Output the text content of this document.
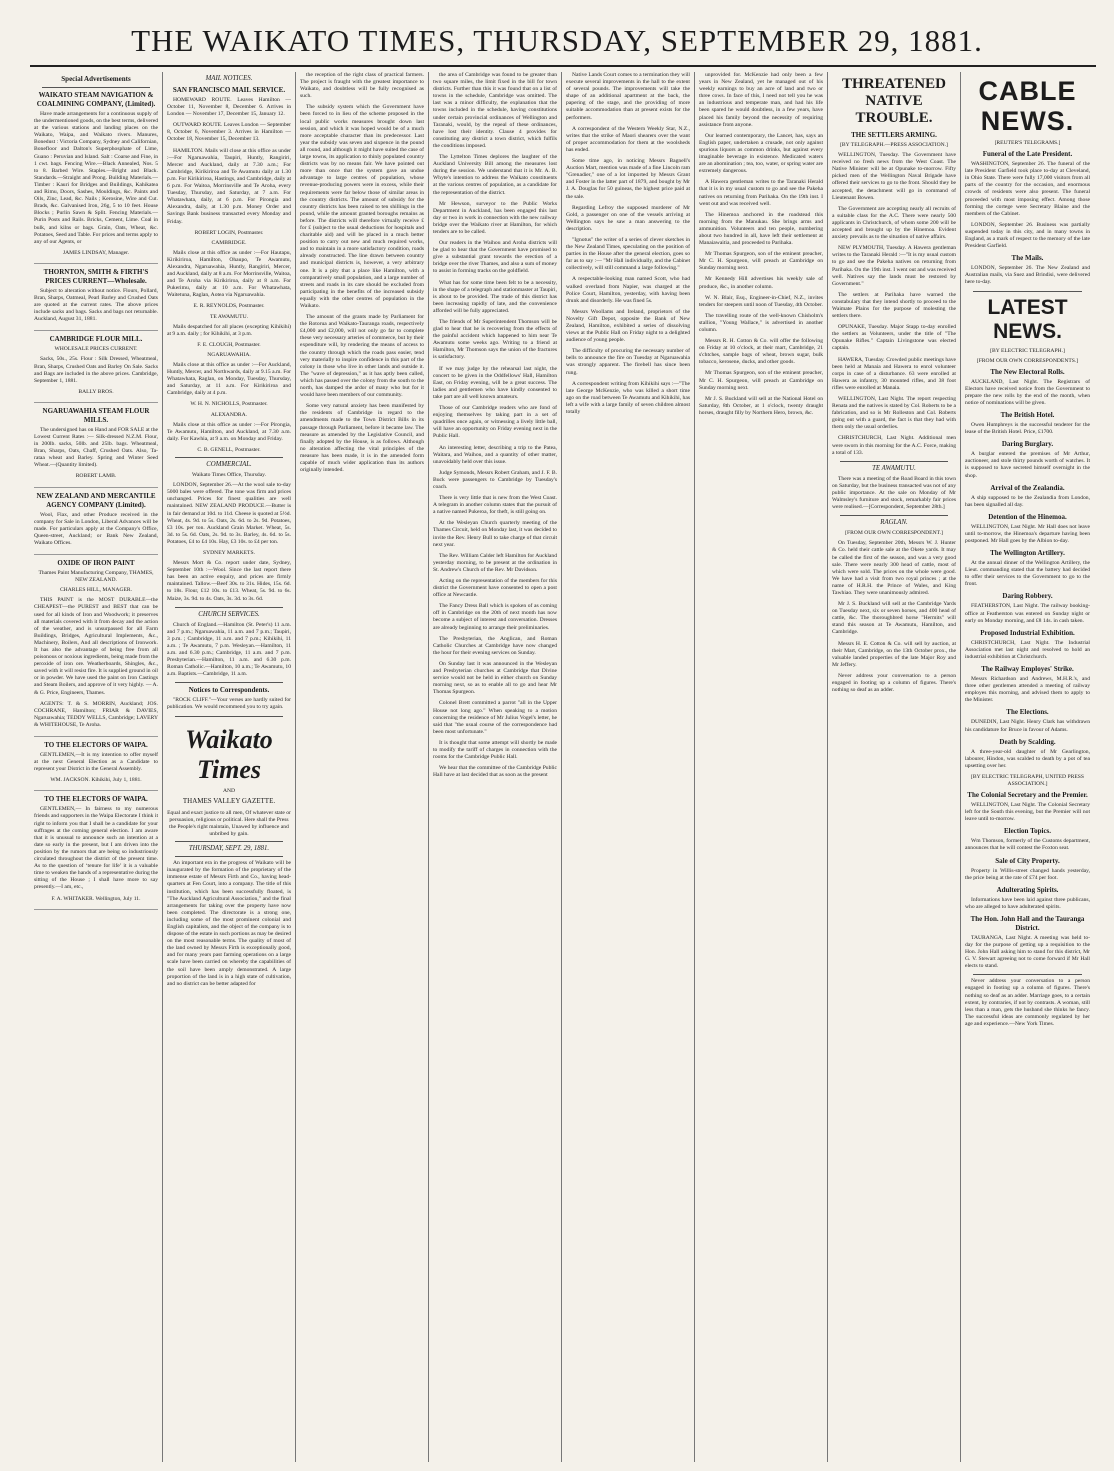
THE WAIKATO TIMES, THURSDAY, SEPTEMBER 29, 1881.
Special Advertisements
WAIKATO STEAM NAVIGATION & COALMINING COMPANY, (Limited).

Have made arrangements for a continuous supply of the undermentioned goods, on the best terms, delivered at the various stations and landing places on the Waikato, Waipa, and Waikato rivers. Manures, Bonedust : Victoria Company, Sydney and Californian, Bonefloor and Dalton's Superphosphate of Lime, Guano : Peruvian and Island. Salt : Coarse and Fine, in 1 cwt. bags. Fencing Wire.—Black Annealed, Nos. 5 to 8. Barbed Wire. Staples.—Bright and Black. Standards.—Straight and Prong. Building Materials.—Timber : Kauri for Bridges and Buildings, Kahikatea and Rimu, Doors, Sashes, Mouldings, &c. Paints and Oils, Zinc, Lead, &c. Nails ; Kerosine, Wire and Cut. Brads, &c. Galvanised Iron, 26g, 5 to 10 feet. House Blocks ; Purlin Sawn & Split. Fencing Materials.—Purin Posts and Rails. Bricks, Cement, Lime. Coal in bulk, and kilns or bags. Grain, Oats, Wheat, &c. Potatoes, Seed and Table. For prices and terms apply to any of our Agents, or

JAMES LINDSAY, Manager.
THORNTON, SMITH & FIRTH'S PRICES CURRENT—Wholesale.

Subject to alteration without notice. Flours, Pollard, Bran, Sharps, Oatmeal, Pearl Barley and Crushed Oats are quoted at the current rates. The above prices include sacks and bags. Sacks and bags not returnable. Auckland, August 31, 1881.

CAMBRIDGE FLOUR MILL.
WHOLESALE PRICES CURRENT.

Sacks, 50s., 25s. Flour : Silk Dressed, Wheatmeal, Bran, Sharps, Crushed Oats and Barley On Sale. Sacks and Bags are included in the above prices. Cambridge, September 1, 1881.

BALLY BROS.
NGARUAWAHIA STEAM FLOUR MILLS.

The undersigned has on Hand and FOR SALE at the Lowest Current Rates :— Silk-dressed N.Z.M. Flour, in 200lb. sacks, 50lb. and 25lb. bags. Wheatmeal, Bran, Sharps, Oats, Chaff, Crushed Oats. Also, Ta-rataa wheat and Barley. Spring and Winter Seed Wheat.—(Quantity limited).

ROBERT LAMB.
NEW ZEALAND AND MERCANTILE AGENCY COMPANY (Limited).

Wool, Flax, and other Produce received in the company for Sale in London, Liberal Advances will be made. For particulars apply at the Company's Office, Queen-street, Auckland; or Bank New Zealand, Waikato Offices.

OXIDE OF IRON PAINT
Thames Paint Manufacturing Company, THAMES, NEW ZEALAND.
CHARLES HILL, MANAGER.

THIS PAINT is the MOST DURABLE—the CHEAPEST—the PUREST and BEST that can be used for all kinds of Iron and Woodwork; it preserves all materials covered with it from decay and the action of the weather, and is unsurpassed for all Farm Buildings, Bridges, Agricultural Implements, &c., Machinery, Boilers, And all descriptions of Ironwork. It has also the advantage of being free from all poisonous or noxious ingredients, being made from the peroxide of iron ore. Weatherboards, Shingles, &c., saved with it will resist fire. It is supplied ground in oil or in powder. We have used the paint on Iron Castings and Steam Boilers, and approve of it very highly. — A. & G. Price, Engineers, Thames.

AGENTS: T. & S. MORRIN, Auckland; JOS. COCHRANE, Hamilton; FRIAR & DAVIES, Ngaruawahia; TEDDY WELLS, Cambridge; LAVERY & WHITEHOUSE, Te Aroha.

TO THE ELECTORS OF WAIPA.

GENTLEMEN,—It is my intention to offer myself at the next General Election as a Candidate to represent your District in the General Assembly.

WM. JACKSON. Kihikihi, July 1, 1881.
TO THE ELECTORS OF WAIPA.

GENTLEMEN,— In fairness to my numerous friends and supporters in the Waipa Electorate I think it right to inform you that I shall be a candidate for your suffrages at the coming general election. I am aware that it is unusual to announce such an intention at a date so early in the present, but I am driven into the position by the rumors that are being so industriously circulated throughout the district of the present time. As to the question of ‘tenure for life’ it is a valuable time to weaken the hands of a representative during the sitting of the House ; I shall have more to say presently.—I am, etc.,

F. A. WHITAKER. Wellington, July 11.
MAIL NOTICES.
SAN FRANCISCO MAIL SERVICE.

HOMEWARD ROUTE. Leaves Hamilton — October 11, November 8, December 6. Arrives in London — November 17, December 15, January 12.

OUTWARD ROUTE. Leaves London — September 8, October 6, November 3. Arrives in Hamilton — October 18, November 15, December 13.

HAMILTON. Mails will close at this office as under :—For Ngaruawahia, Taupiri, Huntly, Rangiriri, Mercer and Auckland, daily at 7.30 a.m.; For Cambridge, Kirikiriroa and Te Awamutu daily at 1.30 p.m. For Kirikiriroa, Hastings, and Cambridge, daily at 6 p.m. For Waitoa, Morrinsville and Te Aroha, every Tuesday, Thursday, and Saturday, at 7 a.m. For Whatawhata, daily, at 6 p.m. For Pirongia and Alexandra, daily, at 1.30 p.m. Money Order and Savings Bank business transacted every Monday and Friday.

ROBERT LOGIN, Postmaster.
CAMBRIDGE.

Mails close at this office as under :—For Hautapu, Kirikiriroa, Hamilton, Ohaupo, Te Awamutu, Alexandra, Ngaruawahia, Huntly, Rangiriri, Mercer, and Auckland, daily at 8 a.m. For Morrinsville, Waitoa, and Te Aroha via Kirikiriroa, daily at 8 a.m. For Pukerimu, daily at 10 a.m. For Whatawhata, Waitetuna, Raglan, Aotea via Ngaruawahia.

E. R. REYNOLDS, Postmaster.
TE AWAMUTU.

Mails despatched for all places (excepting Kihikihi) at 9 a.m. daily ; for Kihikihi, at 3 p.m.

F. E. CLOUGH, Postmaster.
NGARUAWAHIA.

Mails close at this office as under :—For Auckland, Huntly, Mercer, and Northwards, daily at 9.15 a.m. For Whatawhata, Raglan, on Monday, Tuesday, Thursday, and Saturday, at 11 a.m. For Kirikiriroa and Cambridge, daily at 4 p.m.

W. H. N. NICHOLLS, Postmaster.
ALEXANDRA.

Mails close at this office as under :—For Pirongia, Te Awamutu, Hamilton, and Auckland, at 7.30 a.m. daily. For Kawhia, at 9 a.m. on Monday and Friday.

C. B. GENELL, Postmaster.
COMMERCIAL.
Waikato Times Office, Thursday.

LONDON, September 26.—At the wool sale to-day 5000 bales were offered. The tone was firm and prices unchanged. Prices for finest qualities are well maintained. NEW ZEALAND PRODUCE.—Butter is in fair demand at 10d. to 11d. Cheese is quoted at 5½d. Wheat, 4s. 9d. to 5s. Oats, 2s. 6d. to 2s. 9d. Potatoes, £3 10s. per ton. Auckland Grain Market. Wheat, 5s. 3d. to 5s. 6d. Oats, 2s. 9d. to 3s. Barley, 4s. 6d. to 5s. Potatoes, £4 to £4 10s. Hay, £3 10s. to £4 per ton.

SYDNEY MARKETS.

Messrs Mort & Co. report under date, Sydney, September 10th :—Wool. Since the last report there has been an active enquiry, and prices are firmly maintained. Tallow.—Beef 30s. to 31s. Hides, 15s. 6d. to 18s. Flour, £12 10s. to £13. Wheat, 5s. 9d. to 6s. Maize, 3s. 9d. to 4s. Oats, 3s. 3d. to 3s. 6d.

CHURCH SERVICES.

Church of England.—Hamilton (St. Peter's) 11 a.m. and 7 p.m.; Ngaruawahia, 11 a.m. and 7 p.m.; Taupiri, 3 p.m. ; Cambridge, 11 a.m. and 7 p.m.; Kihikihi, 11 a.m. ; Te Awamutu, 7 p.m. Wesleyan.—Hamilton, 11 a.m. and 6.30 p.m.; Cambridge, 11 a.m. and 7 p.m. Presbyterian.—Hamilton, 11 a.m. and 6.30 p.m. Roman Catholic.—Hamilton, 10 a.m.; Te Awamutu, 10 a.m. Baptists.—Cambridge, 11 a.m.

Notices to Correspondents.

"ROCK CLIFF."—Your verses are hardly suited for publication. We would recommend you to try again.

Waikato Times
AND
THAMES VALLEY GAZETTE.
Equal and exact justice to all men, Of whatever state or persuasion, religious or political. Here shall the Press the People's right maintain, Unawed by influence and unbribed by gain.
THURSDAY, SEPT. 29, 1881.

An important era in the progress of Waikato will be inaugurated by the formation of the proprietary of the immense estate of Messrs Firth and Co., having head-quarters at Fen Court, into a company. The title of this institution, which has been successfully floated, is "The Auckland Agricultural Association," and the final arrangements for taking over the property have now been completed. The directorate is a strong one, including some of the most prominent colonial and English capitalists, and the object of the company is to dispose of the estate in such portions as may be desired on the most reasonable terms. The quality of most of the land owned by Messrs Firth is exceptionally good, and for many years past farming operations on a large scale have been carried on whereby the capabilities of the soil have been amply demonstrated. A large proportion of the land is in a high state of cultivation, and no district can be better adapted for

the reception of the right class of practical farmers. The project is fraught with the greatest importance to Waikato, and doubtless will be fully recognised as such.

The subsidy system which the Government have been forced to in lieu of the scheme proposed in the local public works measures brought down last session, and which it was hoped would be of a much more acceptable character than its predecessor. Last year the subsidy was seven and sixpence in the pound all round, and although it might have suited the case of large towns, its application to thinly populated country districts was by no means fair. We have pointed out more than once that the system gave an undue advantage to large centres of population, whose revenue-producing powers were in excess, while their requirements were far below those of similar areas in the country districts. The amount of subsidy for the country districts has been raised to ten shillings in the pound, while the amount granted boroughs remains as before. The districts will therefore virtually receive £ for £ (subject to the usual deductions for hospitals and charitable aid) and will be placed in a much better position to carry out new and much required works, and to maintain in a more satisfactory condition, roads already constructed. The line drawn between country and municipal districts is, however, a very arbitrary one. It is a pity that a place like Hamilton, with a comparatively small population, and a large number of streets and roads in its care should be excluded from participating in the benefits of the increased subsidy equally with the other centres of population in the Waikato.

The amount of the grants made by Parliament for the Rotorua and Waikato-Tauranga roads, respectively £4,000 and £2,000, will not only go far to complete these very necessary arteries of commerce, but by their expenditure will, by rendering the means of access to the country through which the roads pass easier, tend very materially to inspire confidence in this part of the colony in those who live in other lands and outside it. The "wave of depression," as it has aptly been called, which has passed over the colony from the south to the north, has damped the ardor of many who but for it would have been members of our community.

Some very natural anxiety has been manifested by the residents of Cambridge in regard to the amendments made to the Town District Bills in its passage through Parliament, before it became law. The measure as amended by the Legislative Council, and finally adopted by the House, is as follows. Although no alteration affecting the vital principles of the measure has been made, it is in the amended form capable of much wider application than its authors originally intended.

the area of Cambridge was found to be greater than two square miles, the limit fixed in the bill for town districts. Further than this it was found that on a list of towns in the schedule, Cambridge was omitted. The last was a minor difficulty, the explanation that the towns included in the schedule, having constitutions under certain provincial ordinances of Wellington and Taranaki, would, by the repeal of these ordinances, have lost their identity. Clause 4 provides for constituting any district a town district, which fulfils the conditions imposed.

The Lyttelton Times deplores the laughter of the Auckland University Bill among the measures lost during the session. We understand that it is Mr. A. B. Whyte's intention to address the Waikato constituents at the various centres of population, as a candidate for the representation of the district.

Mr Hewson, surveyor to the Public Works Department in Auckland, has been engaged this last day or two in work in connection with the new railway bridge over the Waikato river at Hamilton, for which tenders are to be called.

Our readers in the Waihou and Aroha districts will be glad to hear that the Government have promised to give a substantial grant towards the erection of a bridge over the river Thames, and also a sum of money to assist in forming tracks on the goldfield.

What has for some time been felt to be a necessity, in the shape of a telegraph and stationmaster at Taupiri, is about to be provided. The trade of this district has been increasing rapidly of late, and the convenience afforded will be fully appreciated.

The friends of Mr Superintendent Thomson will be glad to hear that he is recovering from the effects of the painful accident which happened to him near Te Awamutu some weeks ago. Writing to a friend at Hamilton, Mr Thomson says the union of the fractures is satisfactory.

If we may judge by the rehearsal last night, the concert to be given in the Oddfellows' Hall, Hamilton East, on Friday evening, will be a great success. The ladies and gentlemen who have kindly consented to take part are all well known amateurs.

Those of our Cambridge readers who are fond of enjoying themselves by taking part in a set of quadrilles once again, or witnessing a lively little ball, will have an opportunity on Friday evening next in the Public Hall.

An interesting letter, describing a trip to the Patea, Waitara, and Waihou, and a quantity of other matter, unavoidably held over this issue.

Judge Symonds, Messrs Robert Graham, and J. F. B. Buck were passengers to Cambridge by Tuesday's coach.

There is very little that is new from the West Coast. A telegram in another column states that the pursuit of a native named Pukeroa, for theft, is still going on.

At the Wesleyan Church quarterly meeting of the Thames Circuit, held on Monday last, it was decided to invite the Rev. Henry Bull to take charge of that circuit next year.

The Rev. William Calder left Hamilton for Auckland yesterday morning, to be present at the ordination in St. Andrew's Church of the Rev. Mr Davidson.

Acting on the representation of the members for this district the Government have consented to open a post office at Newcastle.

The Fancy Dress Ball which is spoken of as coming off in Cambridge on the 20th of next month has now become a subject of interest and conversation. Dresses are already beginning to arrange their preliminaries.

The Presbyterian, the Anglican, and Roman Catholic Churches at Cambridge have now changed the hour for their evening services on Sunday.

On Sunday last it was announced in the Wesleyan and Presbyterian churches at Cambridge that Divine service would not be held in either church on Sunday morning next, so as to enable all to go and hear Mr Thomas Spurgeon.

Colonel Brett committed a parrot "all in the Upper House not long ago." When speaking to a motion concerning the residence of Mr Julius Vogel's letter, he said that "the usual course of the correspondence had been most unfortunate."

It is thought that some attempt will shortly be made to modify the tariff of charges in connection with the rooms for the Cambridge Public Hall.

We hear that the committee of the Cambridge Public Hall have at last decided that as soon as the present

Native Lands Court comes to a termination they will execute several improvements in the hall to the extent of several pounds. The improvements will take the shape of an additional apartment at the back, the papering of the stage, and the providing of more suitable accommodation than at present exists for the performers.

A correspondent of the Western Weekly Star, N.Z., writes that the strike of Maori shearers over the want of proper accommodation for them at the woolsheds has ended.

Some time ago, in noticing Messrs Bagnell's Auction Mart, mention was made of a fine Lincoln ram "Grenadier," one of a lot imported by Messrs Grant and Foster in the latter part of 1879, and bought by Mr J. A. Douglas for 50 guineas, the highest price paid at the sale.

Regarding Lefroy the supposed murderer of Mr Gold, a passenger on one of the vessels arriving at Wellington says he saw a man answering to the description.

"Ignotus" the writer of a series of clever sketches in the New Zealand Times, speculating on the position of parties in the House after the general election, goes so far as to say :— "Mr Hall individually, and the Cabinet collectively, will still command a large following."

A respectable-looking man named Scott, who had walked overland from Napier, was charged at the Police Court, Hamilton, yesterday, with having been drunk and disorderly. He was fined 5s.

Messrs Woollams and Ireland, proprietors of the Novelty Gift Depot, opposite the Bank of New Zealand, Hamilton, exhibited a series of dissolving views at the Public Hall on Friday night to a delighted audience of young people.

The difficulty of procuring the necessary number of bells to announce the fire on Tuesday at Ngaruawahia was strongly apparent. The firebell has since been rung.

A correspondent writing from Kihikihi says :—"The late George McKenzie, who was killed a short time ago on the road between Te Awamutu and Kihikihi, has left a wife with a large family of seven children almost totally

unprovided for. McKenzie had only been a few years in New Zealand, yet he managed out of his weekly earnings to buy an acre of land and two or three cows. In face of this, I need not tell you he was an industrious and temperate man, and had his life been spared he would doubtless, in a few years, have placed his family beyond the necessity of requiring assistance from anyone.

Our learned contemporary, the Lancet, has, says an English paper, undertaken a crusade, not only against spurious liquors as common drinks, but against every imaginable beverage in existence. Medicated waters are an abomination ; tea, too, water, or spring water are extremely dangerous.

A Hawera gentleman writes to the Taranaki Herald that it is in my usual custom to go and see the Pakeha natives on returning from Parihaka. On the 19th inst. I went out and was received well.

The Hinemoa anchored in the roadstead this morning from the Manukau. She brings arms and ammunition. Volunteers and ten people, numbering about two hundred in all, have left their settlement at Manaiawaitia, and proceeded to Parihaka.

Mr Thomas Spurgeon, son of the eminent preacher, Mr C. H. Spurgeon, will preach at Cambridge on Sunday morning next.

Mr Kennedy Hill advertises his weekly sale of produce, &c., in another column.

W. N. Blair, Esq., Engineer-in-Chief, N.Z., invites tenders for steepers until noon of Tuesday, 4th October.

The travelling route of the well-known Chisholm's stallion, "Young Wallace," is advertised in another column.

Messrs R. H. Cotton & Co. will offer the following on Friday at 10 o'clock, at their mart, Cambridge, 21 s'chtches, sample bags of wheat, brown sugar, bulk tobacco, kerosene, ducks, and other goods.

Mr Thomas Spurgeon, son of the eminent preacher, Mr C. H. Spurgeon, will preach at Cambridge on Sunday morning next.

Mr J. S. Buckland will sell at the National Hotel on Saturday, 8th October, at 1 o'clock, twenty draught horses, draught filly by Northern Hero, brown, &c.

THREATENED NATIVE TROUBLE.
THE SETTLERS ARMING.
[BY TELEGRAPH.—PRESS ASSOCIATION.]

WELLINGTON, Tuesday. The Government have received no fresh news from the West Coast. The Native Minister will be at Opunake to-morrow. Fifty picked men of the Wellington Naval Brigade have offered their services to go to the front. Should they be accepted, the detachment will go in command of Lieutenant Bowen.

The Government are accepting nearly all recruits of a suitable class for the A.C. There were nearly 500 applicants in Christchurch, of whom some 200 will be accepted and brought up by the Hinemoa. Evident anxiety prevails as to the situation of native affairs.

NEW PLYMOUTH, Tuesday. A Hawera gentleman writes to the Taranaki Herald :—"It is my usual custom to go and see the Pakeha natives on returning from Parihaka. On the 19th inst. I went out and was received well. Natives say the lands must be restored by Government."

The settlers at Parihaka have warned the constabulary that they intend shortly to proceed to the Waimate Plains for the purpose of molesting the settlers there.

OPUNAKE, Tuesday. Major Stapp to-day enrolled the settlers as Volunteers, under the title of "The Opunake Rifles." Captain Livingstone was elected captain.

HAWERA, Tuesday. Crowded public meetings have been held at Manaia and Hawera to enrol volunteer corps in case of a disturbance. 63 were enrolled at Hawera as infantry, 30 mounted rifles, and 38 foot rifles were enrolled at Manaia.

WELLINGTON, Last Night. The report respecting Renata and the natives is stated by Col. Roberts to be a fabrication, and so is Mr Rolleston and Col. Roberts going out with a guard, the fact is that they had with them only the usual orderlies.

CHRISTCHURCH, Last Night. Additional men were sworn in this morning for the A.C. Force, making a total of 133.

TE AWAMUTU.

There was a meeting of the Road Board in this town on Saturday, but the business transacted was not of any public importance. At the sale on Monday of Mr Walmsley's furniture and stock, remarkably fair prices were realised.—[Correspondent, September 28th.]

RAGLAN.
[FROM OUR OWN CORRESPONDENT.]

On Tuesday, September 20th, Messrs W. J. Hunter & Co. held their cattle sale at the Okete yards. It may be called the first of the season, and was a very good sale. There were nearly 300 head of cattle, most of which were sold. The prices on the whole were good. We have had a visit from two royal princes ; at the name of H.R.H. the Prince of Wales, and King Tawhiao. They were unanimously admired.

Mr J. S. Buckland will sell at the Cambridge Yards on Tuesday next, six or seven horses, and 400 head of cattle, &c. The thoroughbred horse "Hermits" will stand this season at Te Awamutu, Hamilton, and Cambridge.

Messrs H. E. Cotton & Co. will sell by auction, at their Mart, Cambridge, on the 13th October prox., the valuable landed properties of the late Major Roy and Mr Jeffery.

Never address your conversation to a person engaged in footing up a column of figures. There's nothing so deaf as an adder.

CABLE NEWS.
[REUTER'S TELEGRAMS.]
Funeral of the Late President.

WASHINGTON, September 26. The funeral of the late President Garfield took place to-day at Cleveland, in Ohio State. There were fully 17,000 visitors from all parts of the country for the occasion, and enormous crowds of residents were also present. The funeral proceeded with most imposing effect. Among those forming the cortege were Secretary Blaine and the members of the Cabinet.

LONDON, September 26. Business was partially suspended today in this city, and in many towns in England, as a mark of respect to the memory of the late President Garfield.

The Mails.

LONDON, September 26. The New Zealand and Australian mails, via Suez and Brindisi, were delivered here to-day.

LATEST NEWS.
[BY ELECTRIC TELEGRAPH.]
[FROM OUR OWN CORRESPONDENTS.]
The New Electoral Rolls.

AUCKLAND, Last Night. The Registrars of Electors have received notice from the Government to prepare the new rolls by the end of the month, when notice of nominations will be given.

The British Hotel.

Owen Humphreys is the successful tenderer for the lease of the British Hotel. Price, £1700.

Daring Burglary.

A burglar entered the premises of Mr Arthur, auctioneer, and stole thirty pounds worth of watches. It is supposed to have secreted himself overnight in the shop.

Arrival of the Zealandia.

A ship supposed to be the Zealandia from London, has been signalled all day.

Detention of the Hinemoa.

WELLINGTON, Last Night. Mr Hall does not leave until to-morrow, the Hinemoa's departure having been postponed. Mr Hall goes by the Albion to-day.

The Wellington Artillery.

At the annual dinner of the Wellington Artillery, the Lieut. commanding stated that the battery had decided to offer their services to the Government to go to the front.

Daring Robbery.

FEATHERSTON, Last Night. The railway booking-office at Featherston was entered on Sunday night or early on Monday morning, and £8 14s. in cash taken.

Proposed Industrial Exhibition.

CHRISTCHURCH, Last Night. The Industrial Association met last night and resolved to hold an industrial exhibition at Christchurch.

The Railway Employes' Strike.

Messrs Richardson and Andrews, M.H.R.'s, and three other gentlemen attended a meeting of railway employes this morning, and advised them to apply to the Minister.

The Elections.

DUNEDIN, Last Night. Henry Clark has withdrawn his candidature for Bruce in favour of Adams.

Death by Scalding.

A three-year-old daughter of Mr Gearlington, labourer, Hindon, was scalded to death by a pot of tea upsetting over her.

[BY ELECTRIC TELEGRAPH, UNITED PRESS ASSOCIATION.]
The Colonial Secretary and the Premier.

WELLINGTON, Last Night. The Colonial Secretary left for the South this evening, but the Premier will not leave until to-morrow.

Election Topics.

Wm Thomson, formerly of the Customs department, announces that he will contest the Foxton seat.

Sale of City Property.

Property in Willis-street changed hands yesterday, the price being at the rate of £74 per foot.

Adulterating Spirits.

Informations have been laid against three publicans, who are alleged to have adulterated spirits.

The Hon. John Hall and the Tauranga District.

TAURANGA, Last Night. A meeting was held to-day for the purpose of getting up a requisition to the Hon. John Hall asking him to stand for this district, Mr G. V. Stewart agreeing not to come forward if Mr Hall elects to stand.

Never address your conversation to a person engaged in footing up a column of figures. There's nothing so deaf as an adder. Marriage goes, to a certain extent, by contraries, if not by contrasts. A woman, still less than a man, gets the husband she thinks he fancy. The successful ideas are commonly regulated by her age and experience.—New York Times.
